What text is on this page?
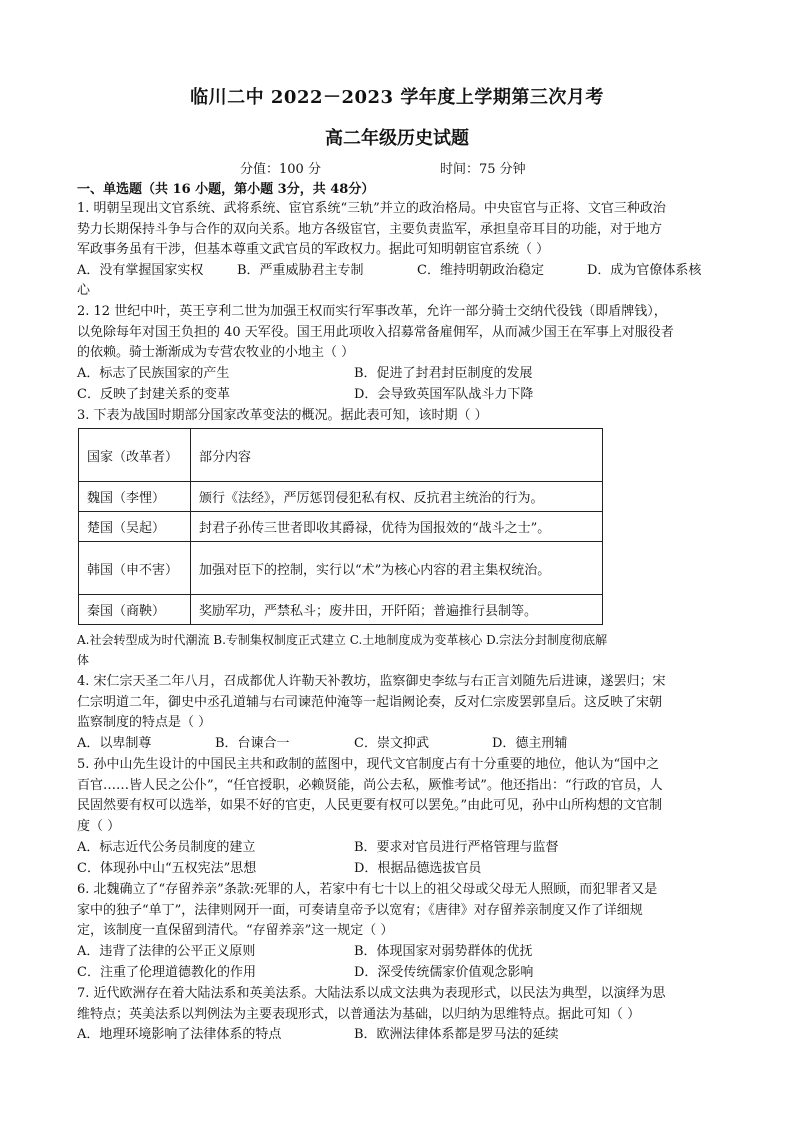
临川二中 2022－2023 学年度上学期第三次月考
高二年级历史试题
分值：100 分	时间：75 分钟
一、单选题（共 16 小题，第小题 3分，共 48分）
1. 明朝呈现出文官系统、武将系统、宦官系统“三轨”并立的政治格局。中央宦官与正将、文官三种政治
势力长期保持斗争与合作的双向关系。地方各级宦官，主要负责监军，承担皇帝耳目的功能，对于地方
军政事务虽有干涉，但基本尊重文武官员的军政权力。据此可知明朝宦官系统（ ）
A．没有掌握国家实权	B．严重威胁君主专制	C．维持明朝政治稳定	D．成为官僚体系核
心
2. 12 世纪中叶，英王亨利二世为加强王权而实行军事改革，允许一部分骑士交纳代役钱（即盾牌钱），
以免除每年对国王负担的 40 天军役。国王用此项收入招募常备雇佣军，从而减少国王在军事上对服役者
的依赖。骑士渐渐成为专营农牧业的小地主（ ）
A．标志了民族国家的产生	B．促进了封君封臣制度的发展
C．反映了封建关系的变革	D．会导致英国军队战斗力下降
3. 下表为战国时期部分国家改革变法的概况。据此表可知，该时期（ ）
国家（改革者）	部分内容
魏国（李悝）	颁行《法经》，严厉惩罚侵犯私有权、反抗君主统治的行为。
楚国（吴起）	封君子孙传三世者即收其爵禄，优待为国报效的“战斗之士”。
韩国（申不害）	加强对臣下的控制，实行以“术”为核心内容的君主集权统治。
秦国（商鞅）	奖励军功，严禁私斗；废井田，开阡陌；普遍推行县制等。
A.社会转型成为时代潮流 B.专制集权制度正式建立 C.土地制度成为变革核心 D.宗法分封制度彻底解
体
4. 宋仁宗天圣二年八月，召成都优人许勒天补教坊，监察御史李纮与右正言刘随先后进谏，遂罢归；宋
仁宗明道二年，御史中丞孔道辅与右司谏范仲淹等一起诣阙论奏，反对仁宗废罢郭皇后。这反映了宋朝
监察制度的特点是（ ）
A．以卑制尊	B．台谏合一	C．崇文抑武	D．德主刑辅
5. 孙中山先生设计的中国民主共和政制的蓝图中，现代文官制度占有十分重要的地位，他认为“国中之
百官……皆人民之公仆”，“任官授职，必赖贤能，尚公去私，厥惟考试”。他还指出：“行政的官员，人
民固然要有权可以选举，如果不好的官吏，人民更要有权可以罢免。”由此可见，孙中山所构想的文官制
度（ ）
A．标志近代公务员制度的建立	B．要求对官员进行严格管理与监督
C．体现孙中山“五权宪法”思想	D．根据品德选拔官员
6. 北魏确立了“存留养亲”条款:死罪的人，若家中有七十以上的祖父母或父母无人照顾，而犯罪者又是
家中的独子“单丁”，法律则网开一面，可奏请皇帝予以宽宥；《唐律》对存留养亲制度又作了详细规
定，该制度一直保留到清代。“存留养亲”这一规定（ ）
A．违背了法律的公平正义原则	B．体现国家对弱势群体的优抚
C．注重了伦理道德教化的作用	D．深受传统儒家价值观念影响
7. 近代欧洲存在着大陆法系和英美法系。大陆法系以成文法典为表现形式，以民法为典型，以演绎为思
维特点；英美法系以判例法为主要表现形式，以普通法为基础，以归纳为思维特点。据此可知（ ）
A．地理环境影响了法律体系的特点	B．欧洲法律体系都是罗马法的延续
